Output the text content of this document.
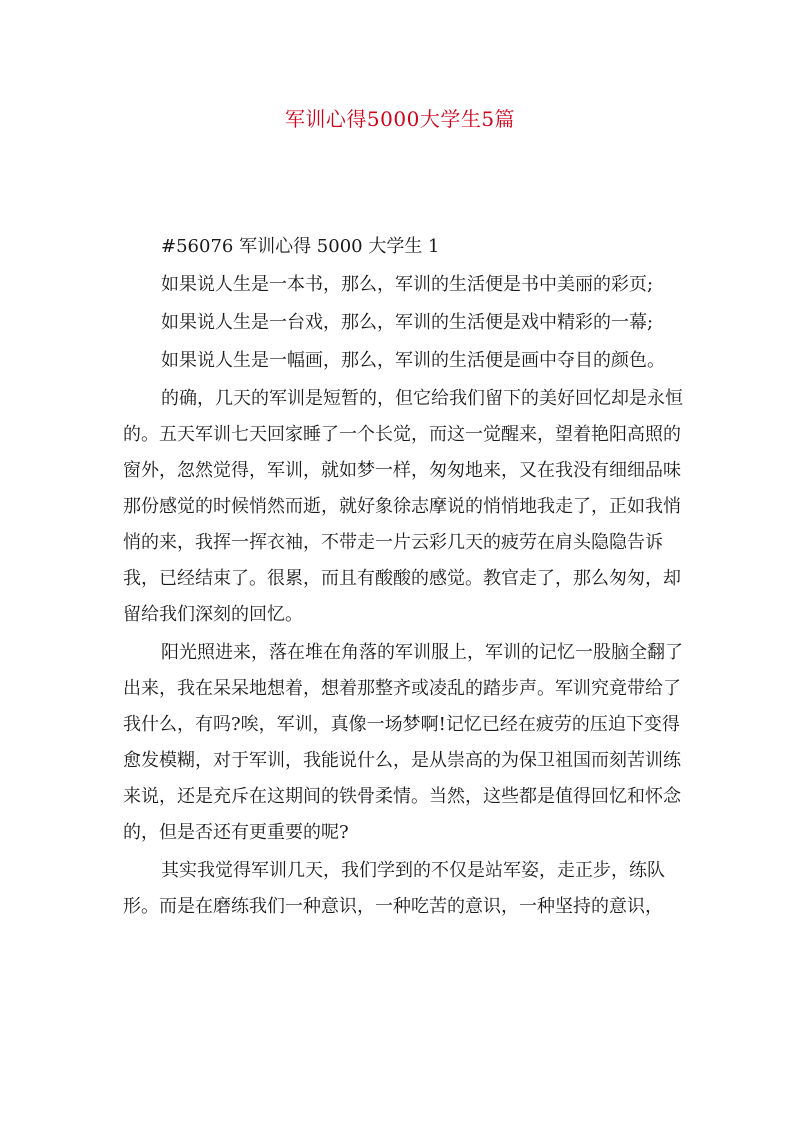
军训心得5000大学生5篇

#56076 军训心得 5000 大学生 1

如果说人生是一本书，那么，军训的生活便是书中美丽的彩页;

如果说人生是一台戏，那么，军训的生活便是戏中精彩的一幕;

如果说人生是一幅画，那么，军训的生活便是画中夺目的颜色。

的确，几天的军训是短暂的，但它给我们留下的美好回忆却是永恒的。五天军训七天回家睡了一个长觉，而这一觉醒来，望着艳阳高照的窗外，忽然觉得，军训，就如梦一样，匆匆地来，又在我没有细细品味那份感觉的时候悄然而逝，就好象徐志摩说的悄悄地我走了，正如我悄悄的来，我挥一挥衣袖，不带走一片云彩几天的疲劳在肩头隐隐告诉我，已经结束了。很累，而且有酸酸的感觉。教官走了，那么匆匆，却留给我们深刻的回忆。

阳光照进来，落在堆在角落的军训服上，军训的记忆一股脑全翻了出来，我在呆呆地想着，想着那整齐或凌乱的踏步声。军训究竟带给了我什么，有吗?唉，军训，真像一场梦啊!记忆已经在疲劳的压迫下变得愈发模糊，对于军训，我能说什么，是从崇高的为保卫祖国而刻苦训练来说，还是充斥在这期间的铁骨柔情。当然，这些都是值得回忆和怀念的，但是否还有更重要的呢?

其实我觉得军训几天，我们学到的不仅是站军姿，走正步，练队形。而是在磨练我们一种意识，一种吃苦的意识，一种坚持的意识，
